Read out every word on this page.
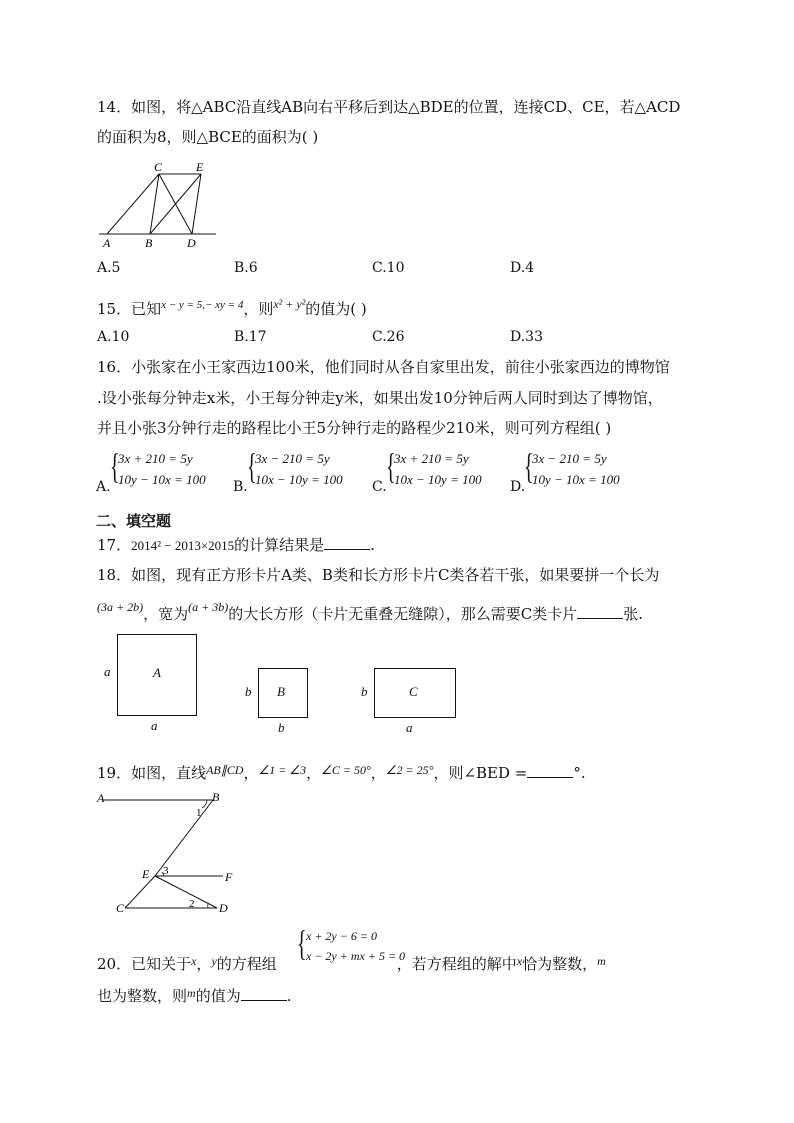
14．如图，将△ABC沿直线AB向右平移后到达△BDE的位置，连接CD、CE，若△ACD
的面积为8，则△BCE的面积为( )
C	E
A	B	D
A.5	B.6	C.10	D.4
15．已知$^{x - y = 5,- xy = 4}$，则$^{x^2 + y^2}$的值为( )
A.10	B.17	C.26	D.33
16．小张家在小王家西边100米，他们同时从各自家里出发，前往小张家西边的博物馆
.设小张每分钟走x米，小王每分钟走y米，如果出发10分钟后两人同时到达了博物馆，
并且小张3分钟行走的路程比小王5分钟行走的路程少210米，则可列方程组( )
A.
{
3x + 210 = 5y
10y − 10x = 100 B.
{
3x − 210 = 5y
10x − 10y = 100 C.
{
3x + 210 = 5y
10x − 10y = 100 D.
{
3x − 210 = 5y
10y − 10x = 100
二、填空题
17．2014² − 2013×2015的计算结果是	.
18．如图，现有正方形卡片A类、B类和长方形卡片C类各若干张，如果要拼一个长为
$^{(3a + 2b)}$，宽为$^{(a + 3b)}$的大长方形（卡片无重叠无缝隙），那么需要C类卡片	张.
A
a
a
B
b
b
C
b
a
19．如图，直线$^{AB\parallel CD}$，$^{\angle 1 = \angle 3}$，$^{\angle C = 50^\circ}$，$^{\angle 2 = 25^\circ}$，则∠BED =	°.
A	B
1
E 3	F
C	2 D
20．已知关于$^x$，$^y$的方程组	，若方程组的解中$^x$恰为整数，$^m$
{ x + 2y − 6 = 0
x − 2y + mx + 5 = 0
也为整数，则$^m$的值为	.
